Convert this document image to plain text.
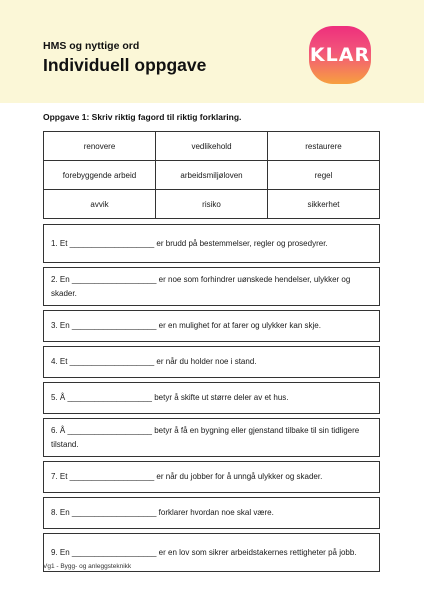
HMS og nyttige ord
Individuell oppgave	KLAR
Oppgave 1: Skriv riktig fagord til riktig forklaring.
renovere	vedlikehold	restaurere
forebyggende arbeid	arbeidsmiljøloven	regel
avvik	risiko	sikkerhet
1. Et ___________________ er brudd på bestemmelser, regler og prosedyrer.
2. En ___________________ er noe som forhindrer uønskede hendelser, ulykker og skader.
3. En ___________________ er en mulighet for at farer og ulykker kan skje.
4. Et ___________________ er når du holder noe i stand.
5. Å ___________________ betyr å skifte ut større deler av et hus.
6. Å ___________________ betyr å få en bygning eller gjenstand tilbake til sin tidligere tilstand.
7. Et ___________________ er når du jobber for å unngå ulykker og skader.
8. En ___________________ forklarer hvordan noe skal være.
9. En ___________________ er en lov som sikrer arbeidstakernes rettigheter på jobb.
Vg1 - Bygg- og anleggsteknikk
